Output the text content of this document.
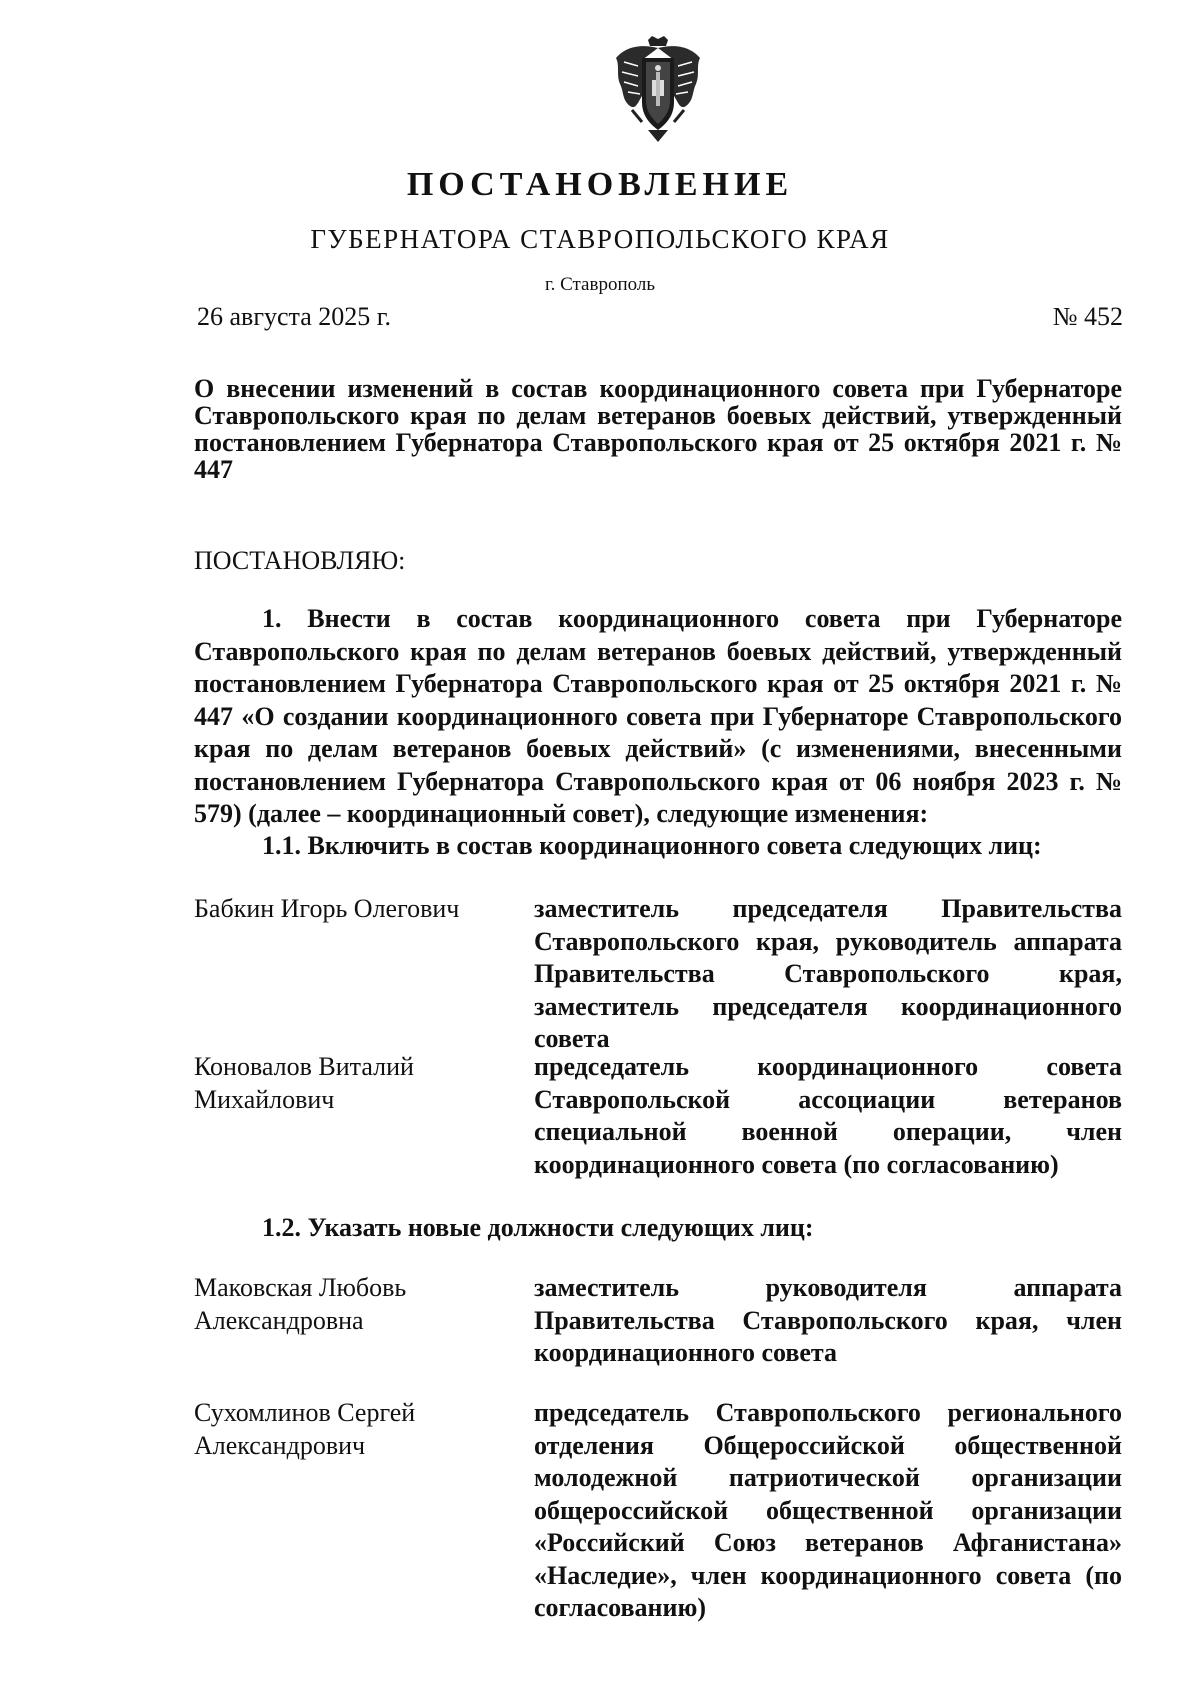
ПОСТАНОВЛЕНИЕ
ГУБЕРНАТОРА СТАВРОПОЛЬСКОГО КРАЯ
г. Ставрополь
26 августа 2025 г.	№ 452
О внесении изменений в состав координационного совета при Губернаторе Ставропольского края по делам ветеранов боевых действий, утвержденный постановлением Губернатора Ставропольского края от 25 октября 2021 г. № 447
ПОСТАНОВЛЯЮ:
1. Внести в состав координационного совета при Губернаторе Ставропольского края по делам ветеранов боевых действий, утвержденный постановлением Губернатора Ставропольского края от 25 октября 2021 г. № 447 «О создании координационного совета при Губернаторе Ставропольского края по делам ветеранов боевых действий» (с изменениями, внесенными постановлением Губернатора Ставропольского края от 06 ноября 2023 г. № 579) (далее – координационный совет), следующие изменения:
1.1. Включить в состав координационного совета следующих лиц:
Бабкин Игорь Олегович	заместитель председателя Правительства Ставропольского края, руководитель аппарата Правительства Ставропольского края, заместитель председателя координационного совета
Коновалов Виталий Михайлович
председатель координационного совета Ставропольской ассоциации ветеранов специальной военной операции, член координационного совета (по согласованию)
1.2. Указать новые должности следующих лиц:
Маковская Любовь Александровна
заместитель руководителя аппарата Правительства Ставропольского края, член координационного совета
Сухомлинов Сергей Александрович
председатель Ставропольского регионального отделения Общероссийской общественной молодежной патриотической организации общероссийской общественной организации «Российский Союз ветеранов Афганистана» «Наследие», член координационного совета (по согласованию)
